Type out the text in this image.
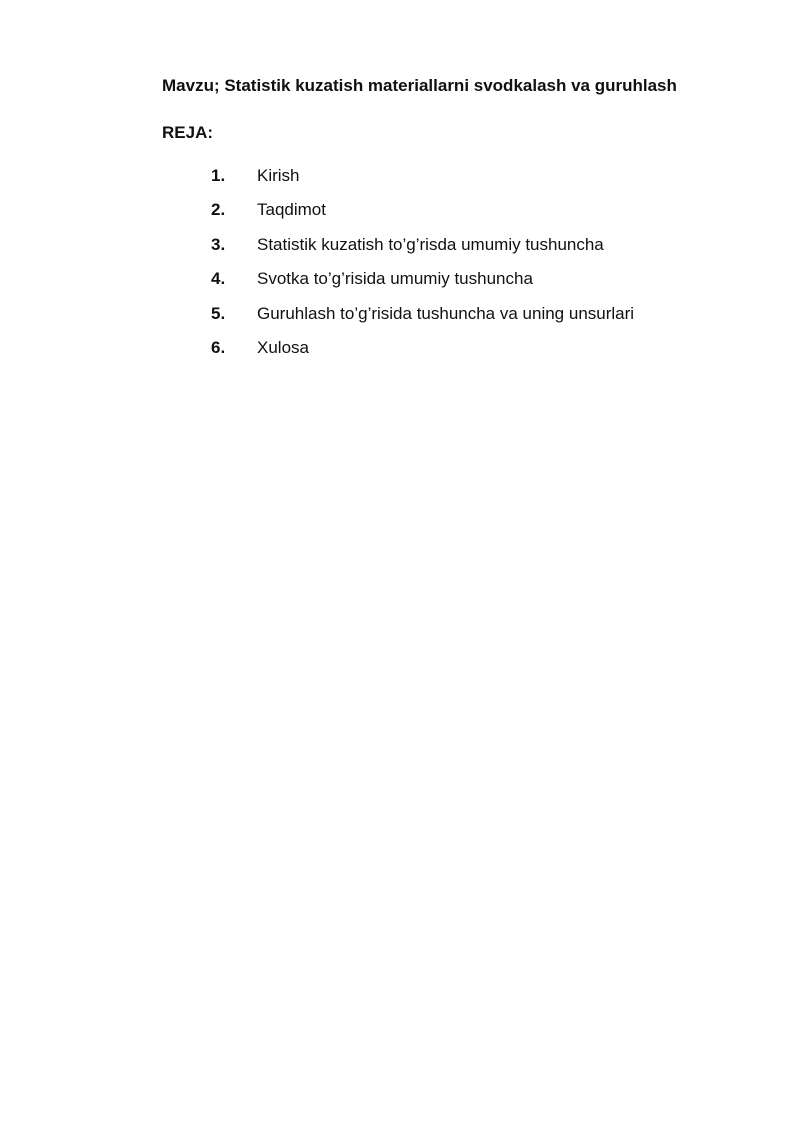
Mavzu; Statistik kuzatish materiallarni svodkalash va guruhlash
REJA:
1.	Kirish
2.	Taqdimot
3.	Statistik kuzatish to’g’risda umumiy tushuncha
4.	Svotka to’g’risida umumiy tushuncha
5.	Guruhlash to’g’risida tushuncha va uning unsurlari
6.	Xulosa
